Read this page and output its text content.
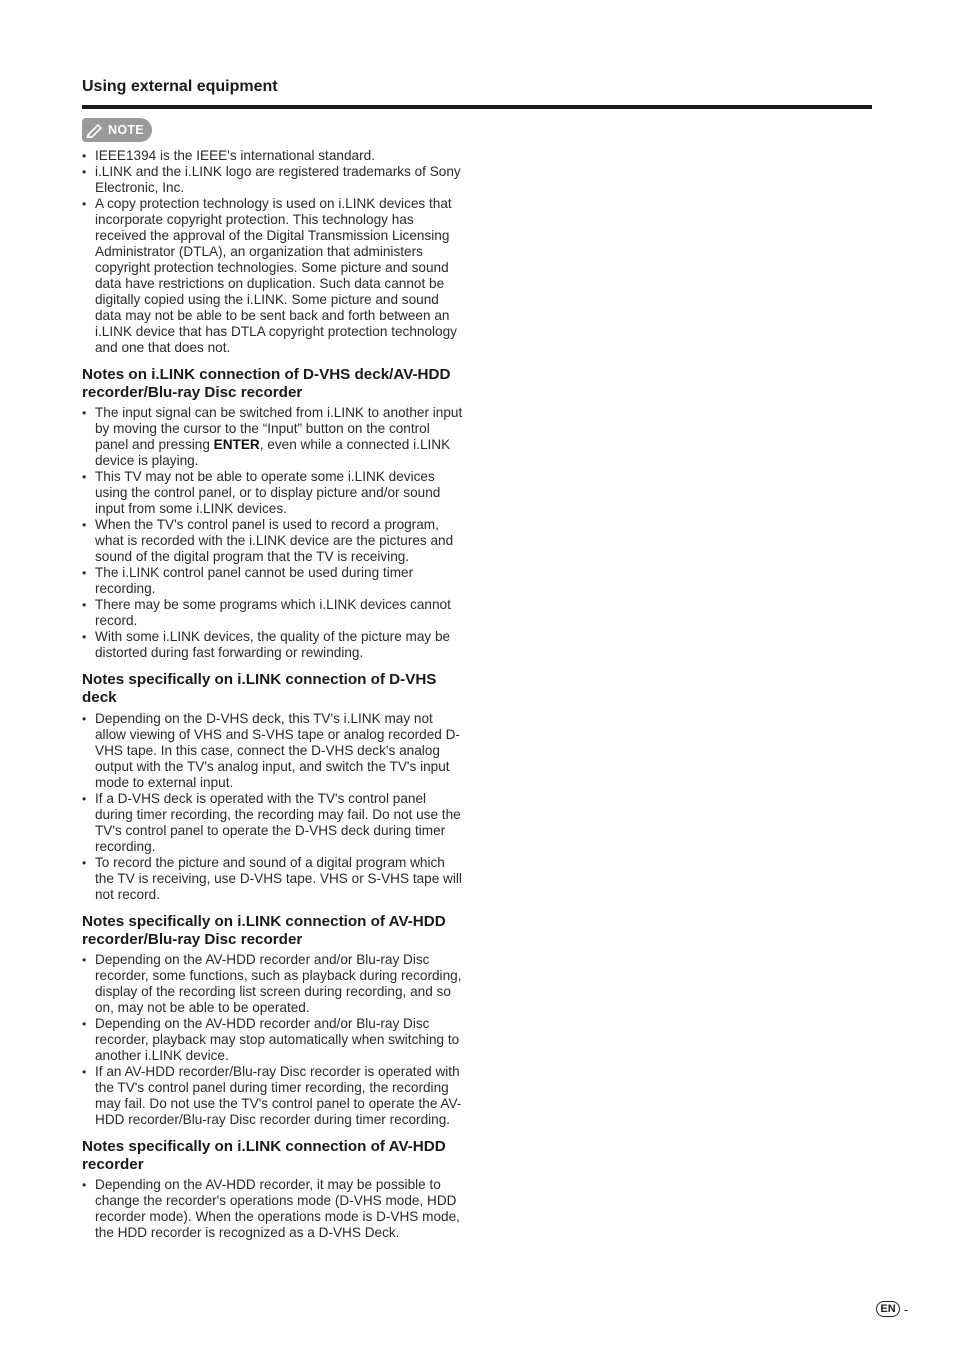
Using external equipment
NOTE
• IEEE1394 is the IEEE's international standard.
• i.LINK and the i.LINK logo are registered trademarks of Sony Electronic, Inc.
• A copy protection technology is used on i.LINK devices that incorporate copyright protection. This technology has received the approval of the Digital Transmission Licensing Administrator (DTLA), an organization that administers copyright protection technologies. Some picture and sound data have restrictions on duplication. Such data cannot be digitally copied using the i.LINK. Some picture and sound data may not be able to be sent back and forth between an i.LINK device that has DTLA copyright protection technology and one that does not.
Notes on i.LINK connection of D-VHS deck/AV-HDD recorder/Blu-ray Disc recorder
• The input signal can be switched from i.LINK to another input by moving the cursor to the “Input” button on the control panel and pressing ENTER, even while a connected i.LINK device is playing.
• This TV may not be able to operate some i.LINK devices using the control panel, or to display picture and/or sound input from some i.LINK devices.
• When the TV's control panel is used to record a program, what is recorded with the i.LINK device are the pictures and sound of the digital program that the TV is receiving.
• The i.LINK control panel cannot be used during timer recording.
• There may be some programs which i.LINK devices cannot record.
• With some i.LINK devices, the quality of the picture may be distorted during fast forwarding or rewinding.
Notes specifically on i.LINK connection of D-VHS deck
• Depending on the D-VHS deck, this TV's i.LINK may not allow viewing of VHS and S-VHS tape or analog recorded D-VHS tape. In this case, connect the D-VHS deck's analog output with the TV's analog input, and switch the TV's input mode to external input.
• If a D-VHS deck is operated with the TV's control panel during timer recording, the recording may fail. Do not use the TV's control panel to operate the D-VHS deck during timer recording.
• To record the picture and sound of a digital program which the TV is receiving, use D-VHS tape. VHS or S-VHS tape will not record.
Notes specifically on i.LINK connection of AV-HDD recorder/Blu-ray Disc recorder
• Depending on the AV-HDD recorder and/or Blu-ray Disc recorder, some functions, such as playback during recording, display of the recording list screen during recording, and so on, may not be able to be operated.
• Depending on the AV-HDD recorder and/or Blu-ray Disc recorder, playback may stop automatically when switching to another i.LINK device.
• If an AV-HDD recorder/Blu-ray Disc recorder is operated with the TV's control panel during timer recording, the recording may fail. Do not use the TV's control panel to operate the AV-HDD recorder/Blu-ray Disc recorder during timer recording.
Notes specifically on i.LINK connection of AV-HDD recorder
• Depending on the AV-HDD recorder, it may be possible to change the recorder's operations mode (D-VHS mode, HDD recorder mode). When the operations mode is D-VHS mode, the HDD recorder is recognized as a D-VHS Deck.
EN -
